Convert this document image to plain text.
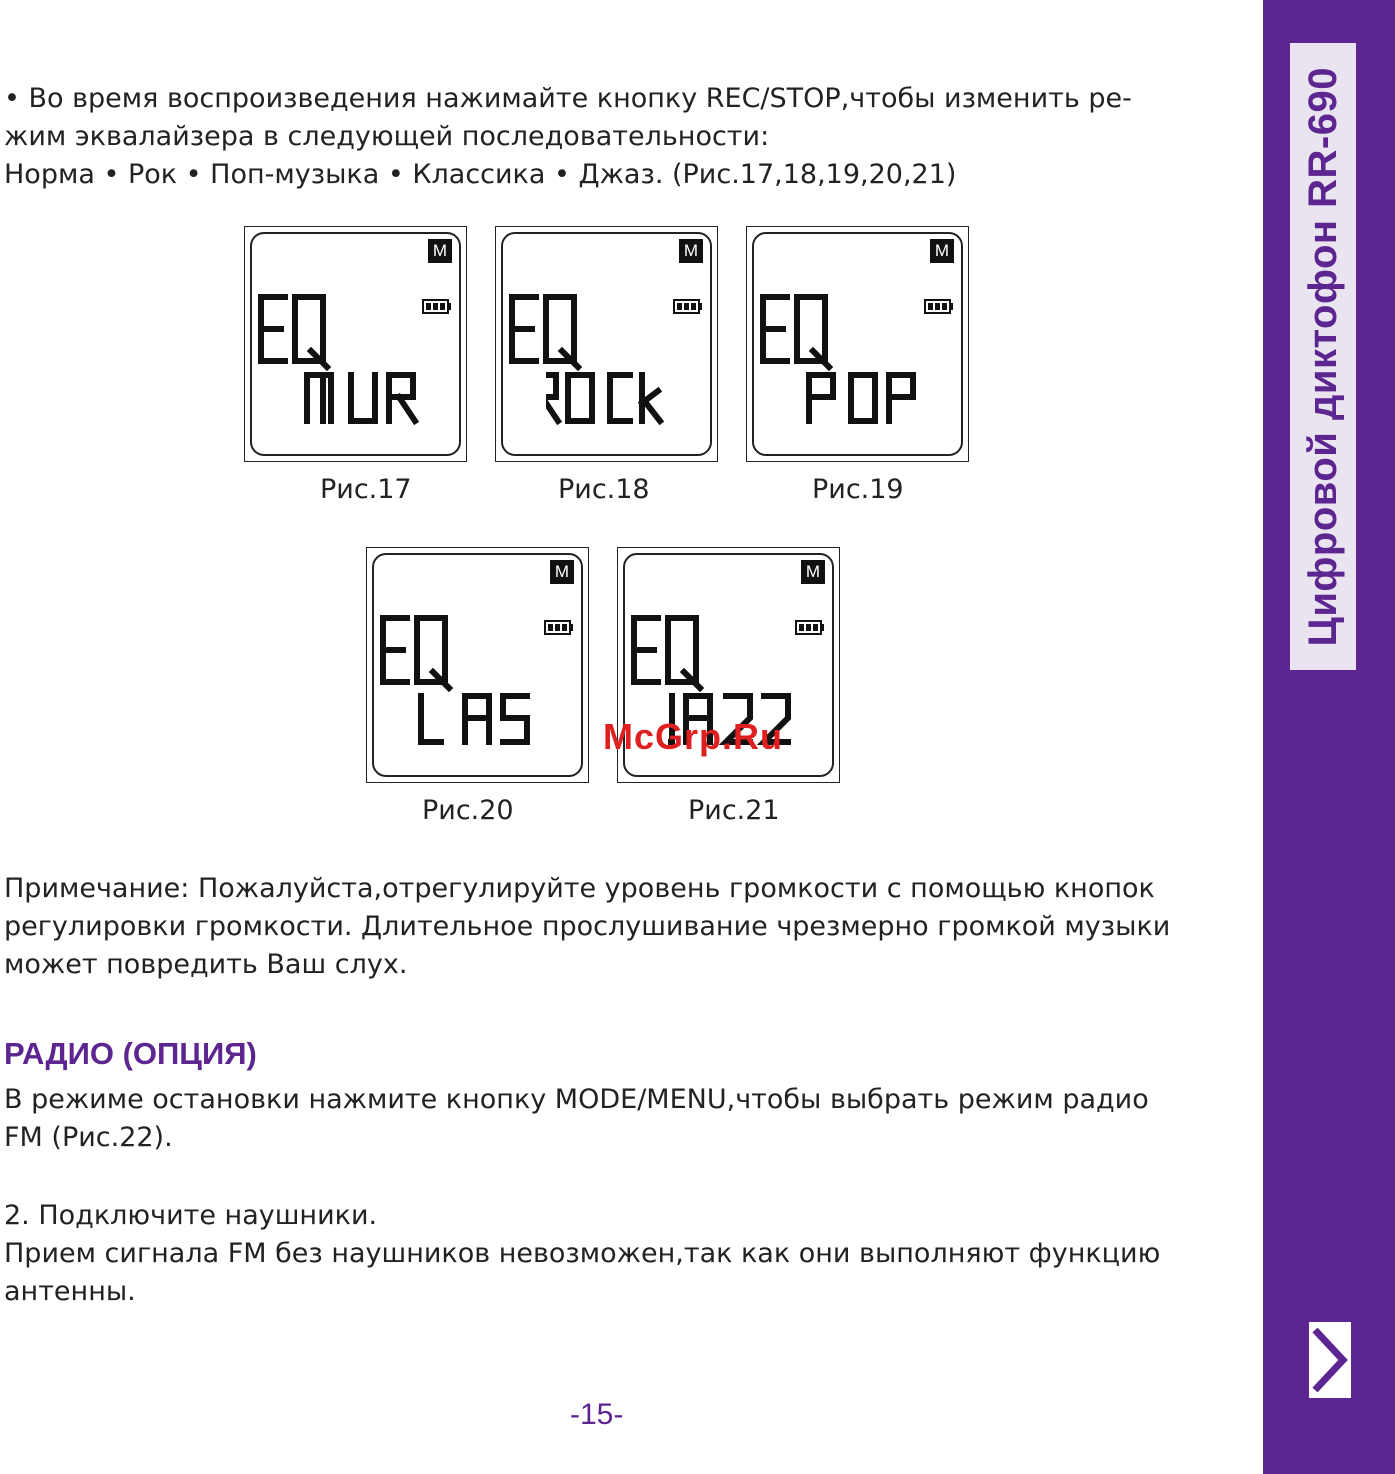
Цифровой диктофон RR-690
• Во время воспроизведения нажимайте кнопку REC/STOP,чтобы изменить ре-
жим эквалайзера в следующей последовательности:
Норма • Рок • Поп-музыка • Классика • Джаз. (Рис.17,18,19,20,21)
M
Рис.17
M
Рис.18
M
Рис.19
M
Рис.20
M
Рис.21
McGrp.Ru
Примечание: Пожалуйста,отрегулируйте уровень громкости с помощью кнопок
регулировки громкости. Длительное прослушивание чрезмерно громкой музыки
может повредить Ваш слух.
РАДИО (ОПЦИЯ)
В режиме остановки нажмите кнопку MODE/MENU,чтобы выбрать режим радио
FM (Рис.22).
2. Подключите наушники.
Прием сигнала FM без наушников невозможен,так как они выполняют функцию
антенны.
-15-
